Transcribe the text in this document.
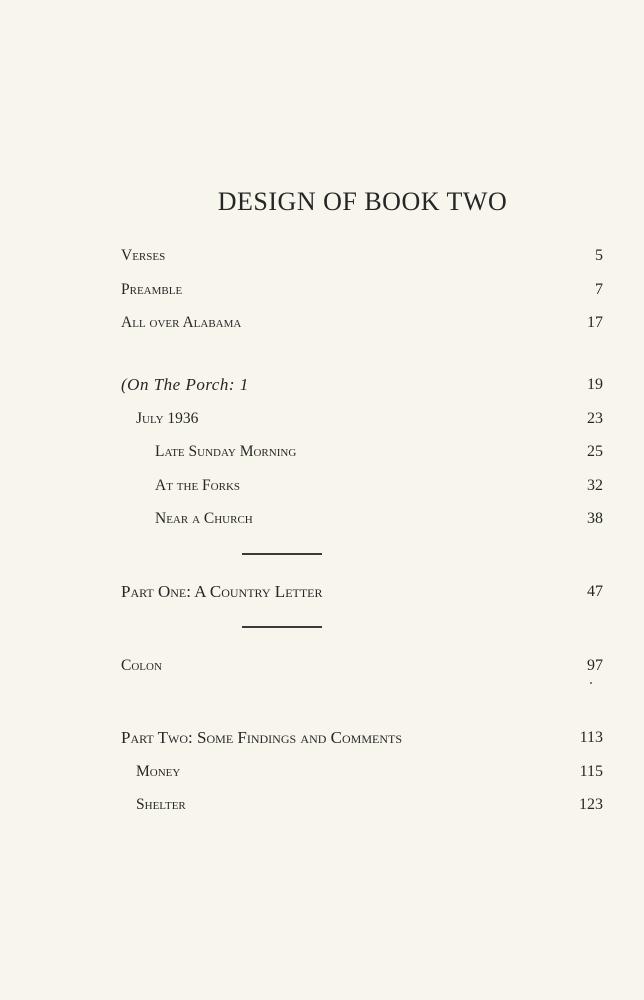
DESIGN OF BOOK TWO
Verses	5
Preamble	7
All over Alabama	17
(On The Porch: 1	19
July 1936	23
Late Sunday Morning	25
At the Forks	32
Near a Church	38
Part One: A Country Letter	47
Colon	97
Part Two: Some Findings and Comments	113
Money	115
Shelter	123
